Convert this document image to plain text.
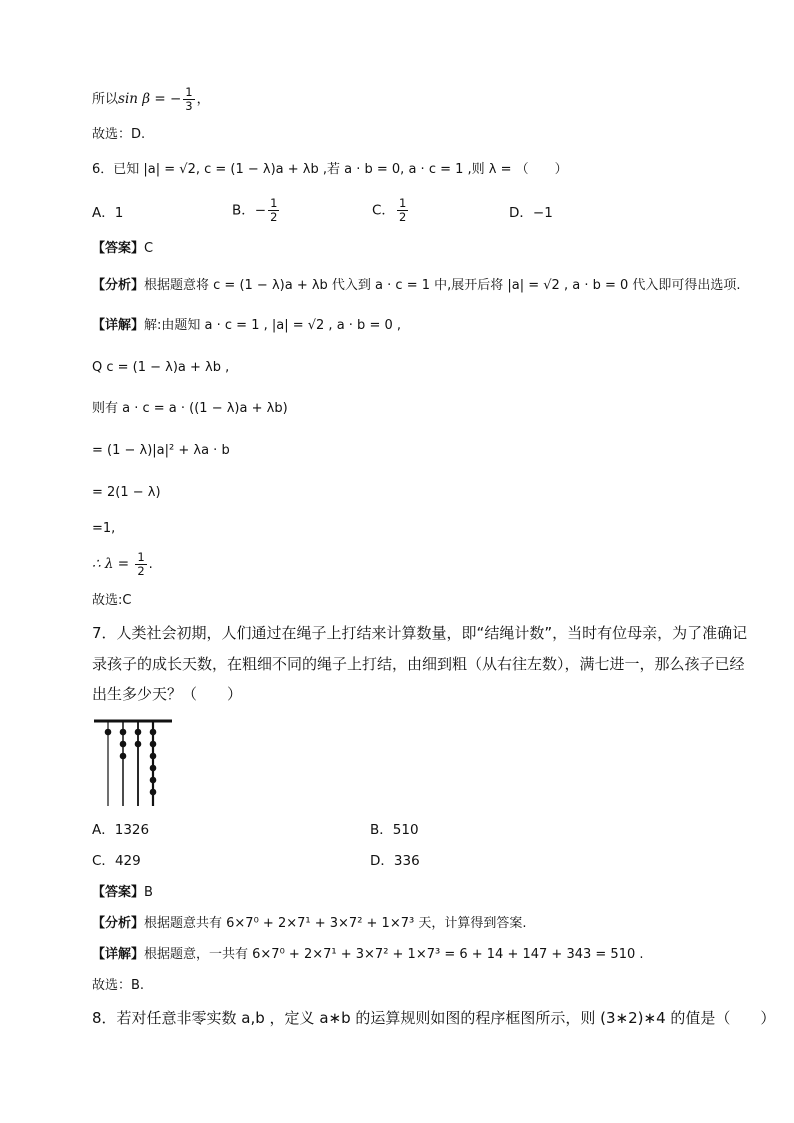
所以sin β = − $\frac{1}{3}$ ，
故选：D.
6．已知 |a| = √2, c = (1 − λ)a + λb ,若 a · b = 0, a · c = 1 ,则 λ = （　　）
A．1	B．− $\frac{1}{2}$	C． $\frac{1}{2}$	D．−1
【答案】C
【分析】根据题意将 c = (1 − λ)a + λb 代入到 a · c = 1 中,展开后将 |a| = √2 , a · b = 0 代入即可得出选项.
【详解】解:由题知 a · c = 1 , |a| = √2 , a · b = 0 ,
Q c = (1 − λ)a + λb ,
则有 a · c = a · ((1 − λ)a + λb)
= (1 − λ)|a|² + λa · b
= 2(1 − λ)
=1,
∴ $\lambda = \frac{1}{2}$ .
故选:C
7．人类社会初期，人们通过在绳子上打结来计算数量，即“结绳计数”，当时有位母亲，为了准确记
录孩子的成长天数，在粗细不同的绳子上打结，由细到粗（从右往左数），满七进一，那么孩子已经
出生多少天？（　　）
A．1326	B．510
C．429	D．336
【答案】B
【分析】根据题意共有 6×7⁰ + 2×7¹ + 3×7² + 1×7³ 天，计算得到答案.
【详解】根据题意，一共有 6×7⁰ + 2×7¹ + 3×7² + 1×7³ = 6 + 14 + 147 + 343 = 510 .
故选：B.
8．若对任意非零实数 a,b ，定义 a∗b 的运算规则如图的程序框图所示，则 (3∗2)∗4 的值是（　　）
